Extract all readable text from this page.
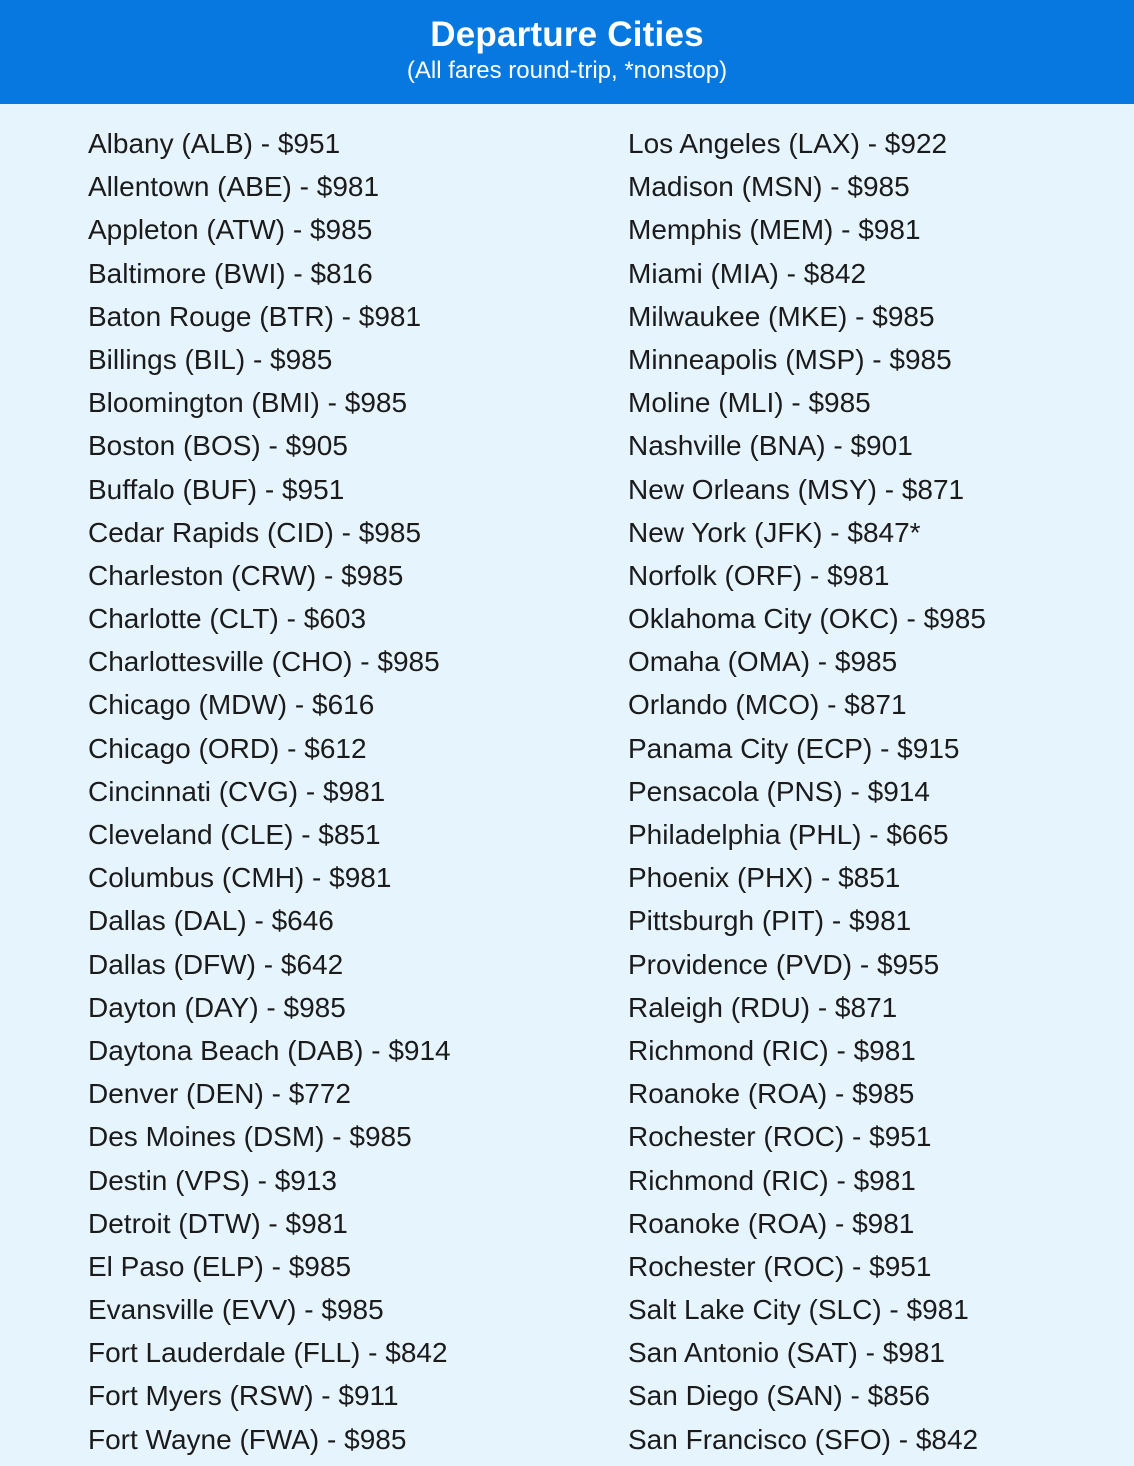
Departure Cities
(All fares round-trip, *nonstop)
Albany (ALB) - $951
Allentown (ABE) - $981
Appleton (ATW) - $985
Baltimore (BWI) - $816
Baton Rouge (BTR) - $981
Billings (BIL) - $985
Bloomington (BMI) - $985
Boston (BOS) - $905
Buffalo (BUF) - $951
Cedar Rapids (CID) - $985
Charleston (CRW) - $985
Charlotte (CLT) - $603
Charlottesville (CHO) - $985
Chicago (MDW) - $616
Chicago (ORD) - $612
Cincinnati (CVG) - $981
Cleveland (CLE) - $851
Columbus (CMH) - $981
Dallas (DAL) - $646
Dallas (DFW) - $642
Dayton (DAY) - $985
Daytona Beach (DAB) - $914
Denver (DEN) - $772
Des Moines (DSM) - $985
Destin (VPS) - $913
Detroit (DTW) - $981
El Paso (ELP) - $985
Evansville (EVV) - $985
Fort Lauderdale (FLL) - $842
Fort Myers (RSW) - $911
Fort Wayne (FWA) - $985
Los Angeles (LAX) - $922
Madison (MSN) - $985
Memphis (MEM) - $981
Miami (MIA) - $842
Milwaukee (MKE) - $985
Minneapolis (MSP) - $985
Moline (MLI) - $985
Nashville (BNA) - $901
New Orleans (MSY) - $871
New York (JFK) - $847*
Norfolk (ORF) - $981
Oklahoma City (OKC) - $985
Omaha (OMA) - $985
Orlando (MCO) - $871
Panama City (ECP) - $915
Pensacola (PNS) - $914
Philadelphia (PHL) - $665
Phoenix (PHX) - $851
Pittsburgh (PIT) - $981
Providence (PVD) - $955
Raleigh (RDU) - $871
Richmond (RIC) - $981
Roanoke (ROA) - $985
Rochester (ROC) - $951
Richmond (RIC) - $981
Roanoke (ROA) - $981
Rochester (ROC) - $951
Salt Lake City (SLC) - $981
San Antonio (SAT) - $981
San Diego (SAN) - $856
San Francisco (SFO) - $842
